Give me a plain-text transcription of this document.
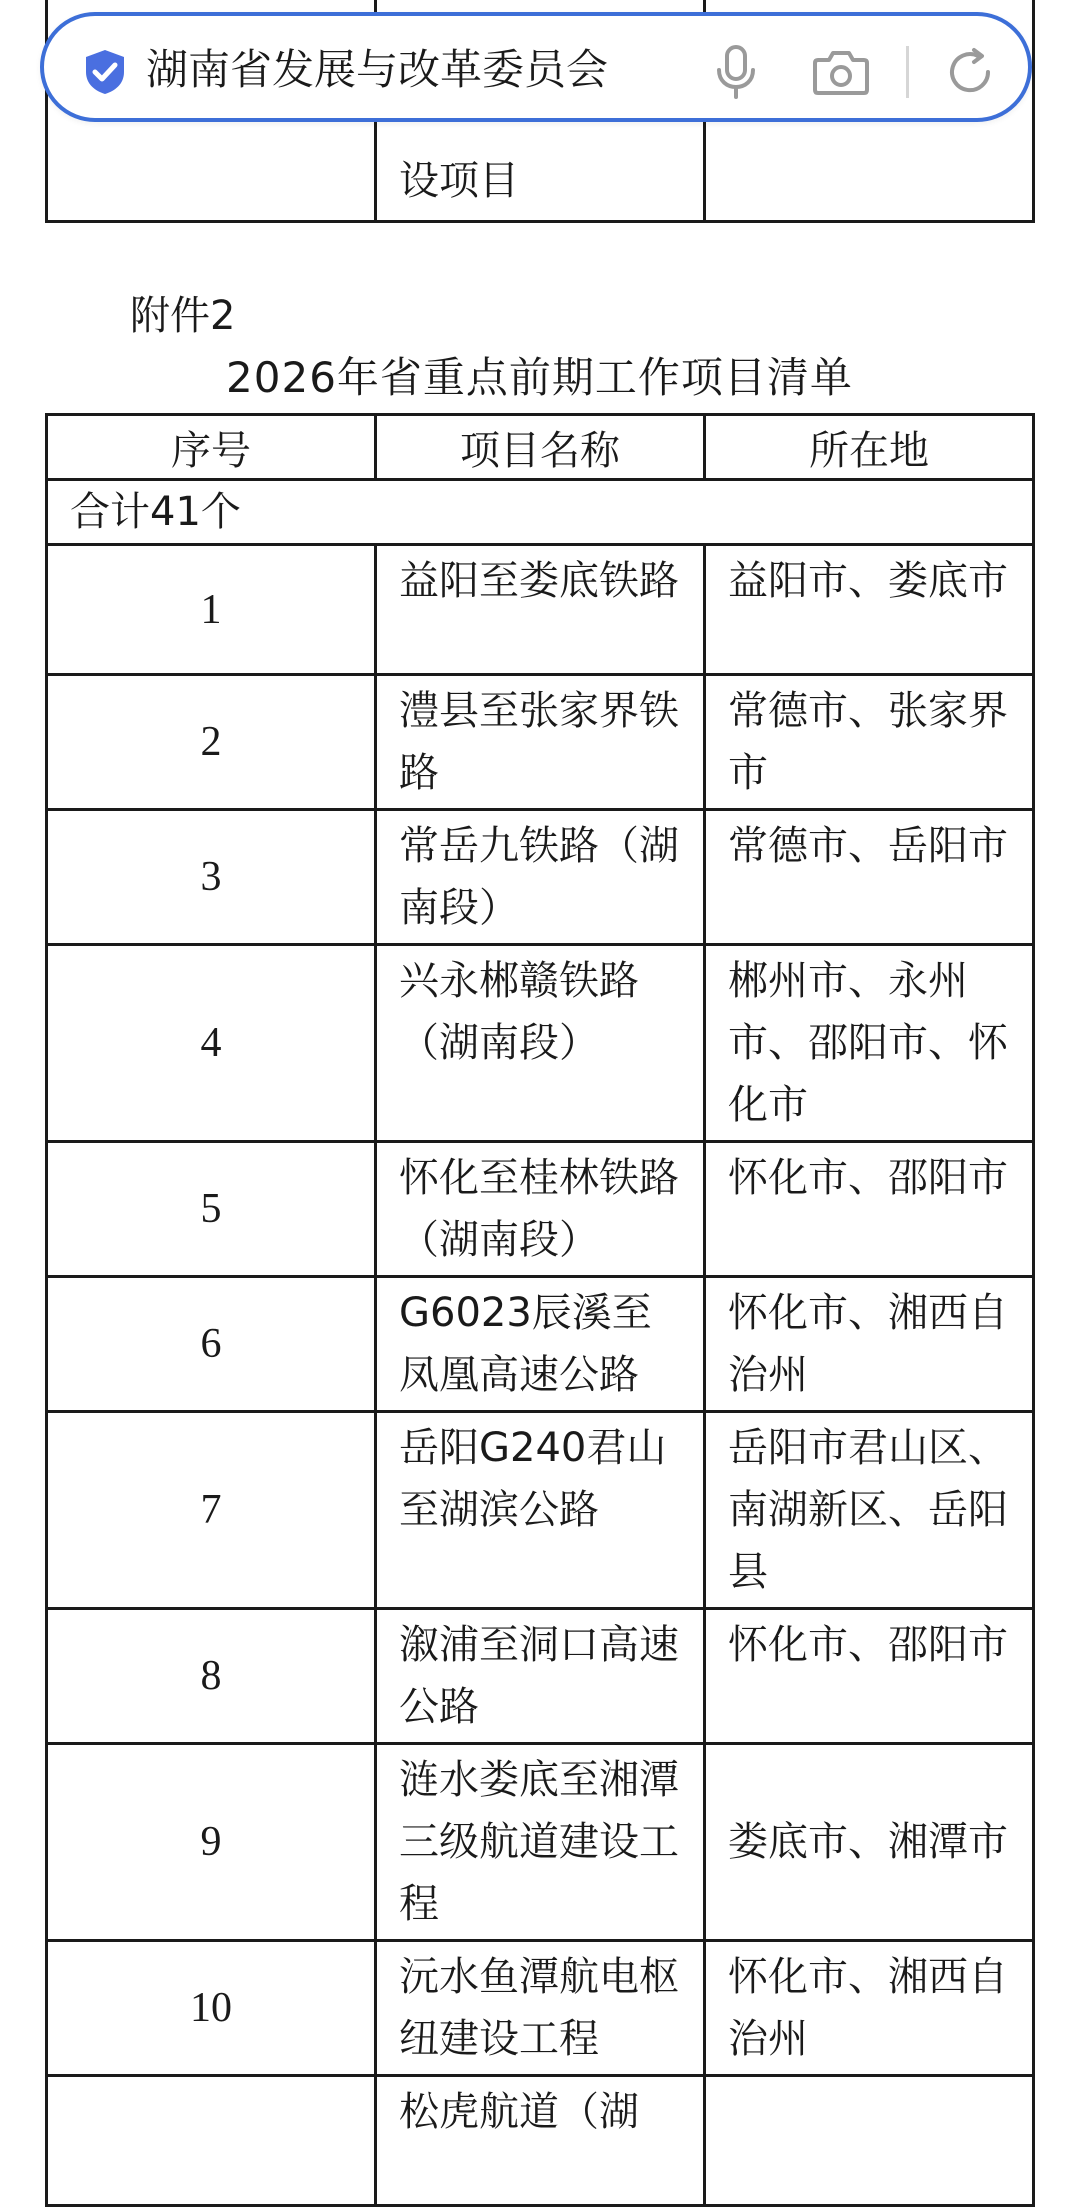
设项目

湖南省发展与改革委员会
附件2
2026年省重点前期工作项目清单
序号	项目名称	所在地
合计41个		
1	益阳至娄底铁路	益阳市、娄底市
2	澧县至张家界铁路	常德市、张家界市
3	常岳九铁路（湖南段）	常德市、岳阳市
4	兴永郴赣铁路（湖南段）	郴州市、永州市、邵阳市、怀化市
5	怀化至桂林铁路（湖南段）	怀化市、邵阳市
6	G6023辰溪至凤凰高速公路	怀化市、湘西自治州
7	岳阳G240君山至湖滨公路	岳阳市君山区、南湖新区、岳阳县
8	溆浦至洞口高速公路	怀化市、邵阳市
9	涟水娄底至湘潭三级航道建设工程	娄底市、湘潭市
10	沅水鱼潭航电枢纽建设工程	怀化市、湘西自治州
	松虎航道（湖	
